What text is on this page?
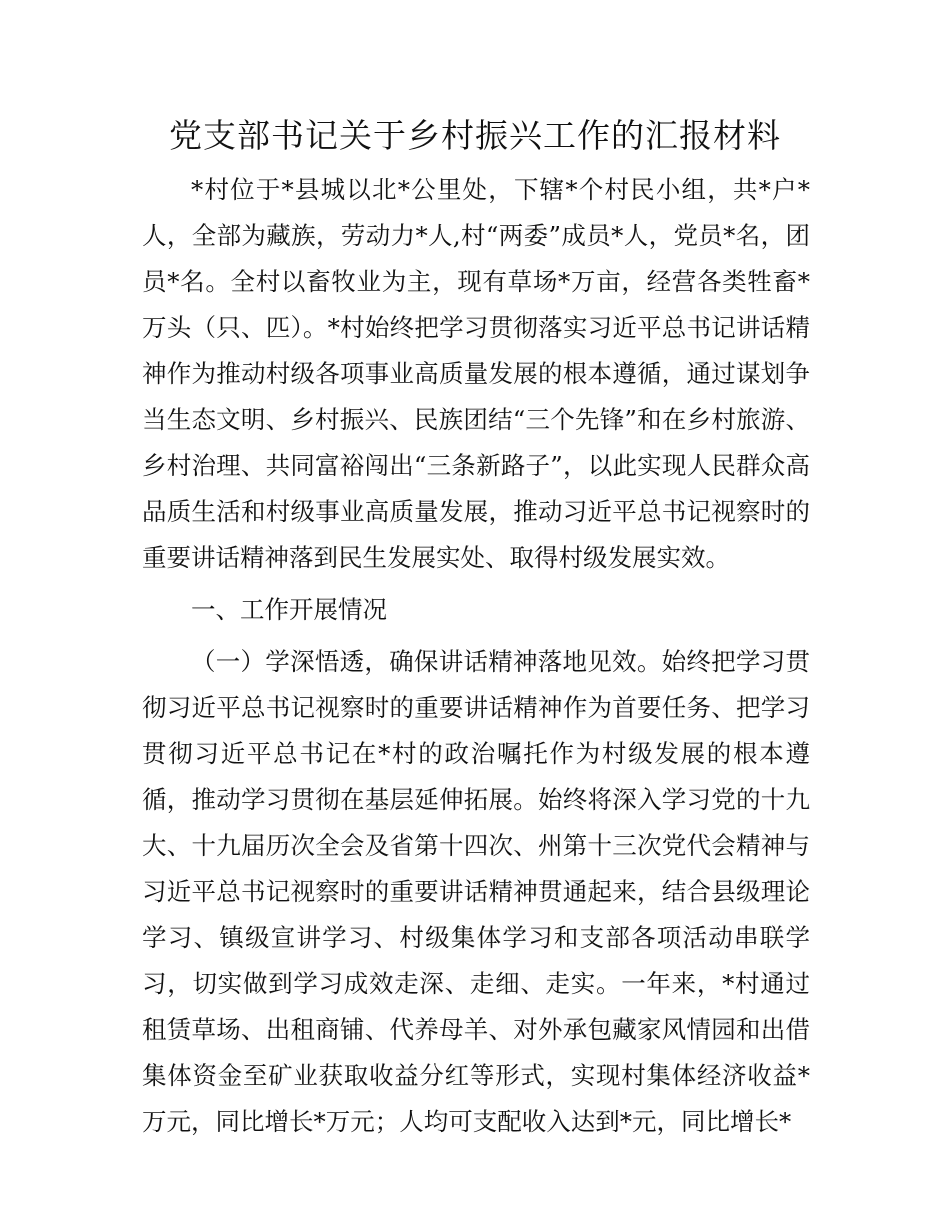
党支部书记关于乡村振兴工作的汇报材料

*村位于*县城以北*公里处，下辖*个村民小组，共*户*人，全部为藏族，劳动力*人,村“两委”成员*人，党员*名，团员*名。全村以畜牧业为主，现有草场*万亩，经营各类牲畜*万头（只、匹）。*村始终把学习贯彻落实习近平总书记讲话精神作为推动村级各项事业高质量发展的根本遵循，通过谋划争当生态文明、乡村振兴、民族团结“三个先锋”和在乡村旅游、乡村治理、共同富裕闯出“三条新路子”，以此实现人民群众高品质生活和村级事业高质量发展，推动习近平总书记视察时的重要讲话精神落到民生发展实处、取得村级发展实效。

一、工作开展情况

（一）学深悟透，确保讲话精神落地见效。始终把学习贯彻习近平总书记视察时的重要讲话精神作为首要任务、把学习贯彻习近平总书记在*村的政治嘱托作为村级发展的根本遵循，推动学习贯彻在基层延伸拓展。始终将深入学习党的十九大、十九届历次全会及省第十四次、州第十三次党代会精神与习近平总书记视察时的重要讲话精神贯通起来，结合县级理论学习、镇级宣讲学习、村级集体学习和支部各项活动串联学习，切实做到学习成效走深、走细、走实。一年来，*村通过租赁草场、出租商铺、代养母羊、对外承包藏家风情园和出借集体资金至矿业获取收益分红等形式，实现村集体经济收益*万元，同比增长*万元；人均可支配收入达到*元，同比增长*
